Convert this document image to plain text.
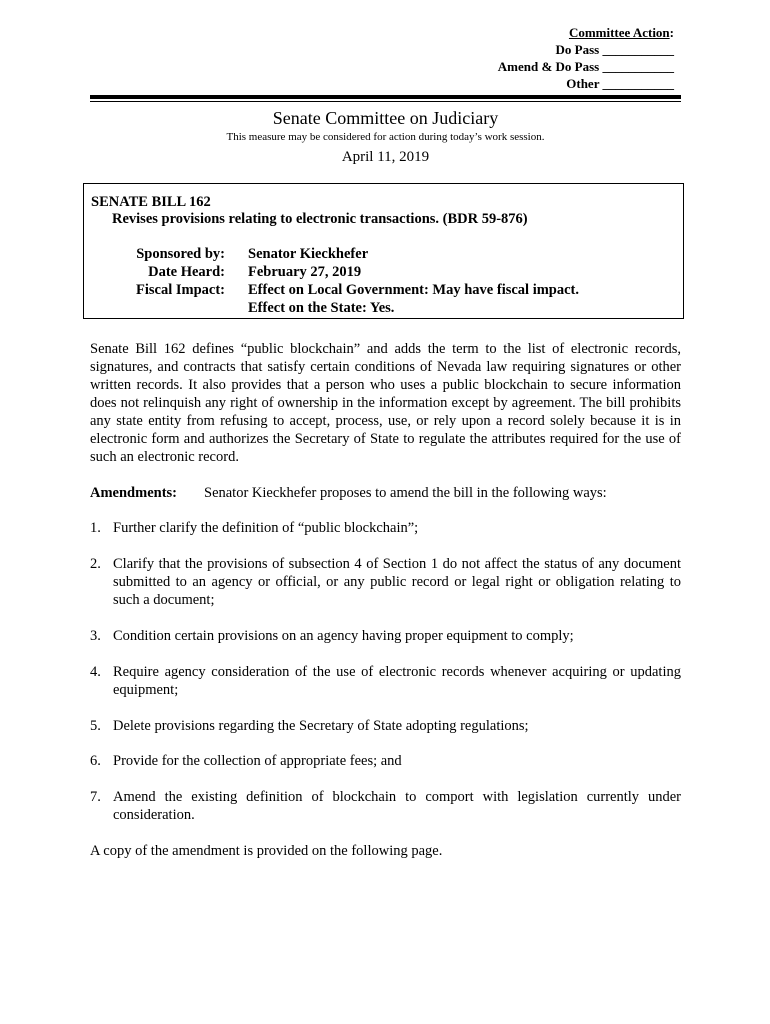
Committee Action:
Do Pass ___________
Amend & Do Pass ___________
Other ___________
Senate Committee on Judiciary
This measure may be considered for action during today’s work session.
April 11, 2019
SENATE BILL 162
Revises provisions relating to electronic transactions. (BDR 59-876)
Sponsored by: Senator Kieckhefer
Date Heard: February 27, 2019
Fiscal Impact: Effect on Local Government: May have fiscal impact.
Effect on the State: Yes.
Senate Bill 162 defines “public blockchain” and adds the term to the list of electronic records, signatures, and contracts that satisfy certain conditions of Nevada law requiring signatures or other written records. It also provides that a person who uses a public blockchain to secure information does not relinquish any right of ownership in the information except by agreement. The bill prohibits any state entity from refusing to accept, process, use, or rely upon a record solely because it is in electronic form and authorizes the Secretary of State to regulate the attributes required for the use of such an electronic record.
Amendments: Senator Kieckhefer proposes to amend the bill in the following ways:
1. Further clarify the definition of “public blockchain”;
2. Clarify that the provisions of subsection 4 of Section 1 do not affect the status of any document submitted to an agency or official, or any public record or legal right or obligation relating to such a document;
3. Condition certain provisions on an agency having proper equipment to comply;
4. Require agency consideration of the use of electronic records whenever acquiring or updating equipment;
5. Delete provisions regarding the Secretary of State adopting regulations;
6. Provide for the collection of appropriate fees; and
7. Amend the existing definition of blockchain to comport with legislation currently under consideration.
A copy of the amendment is provided on the following page.
